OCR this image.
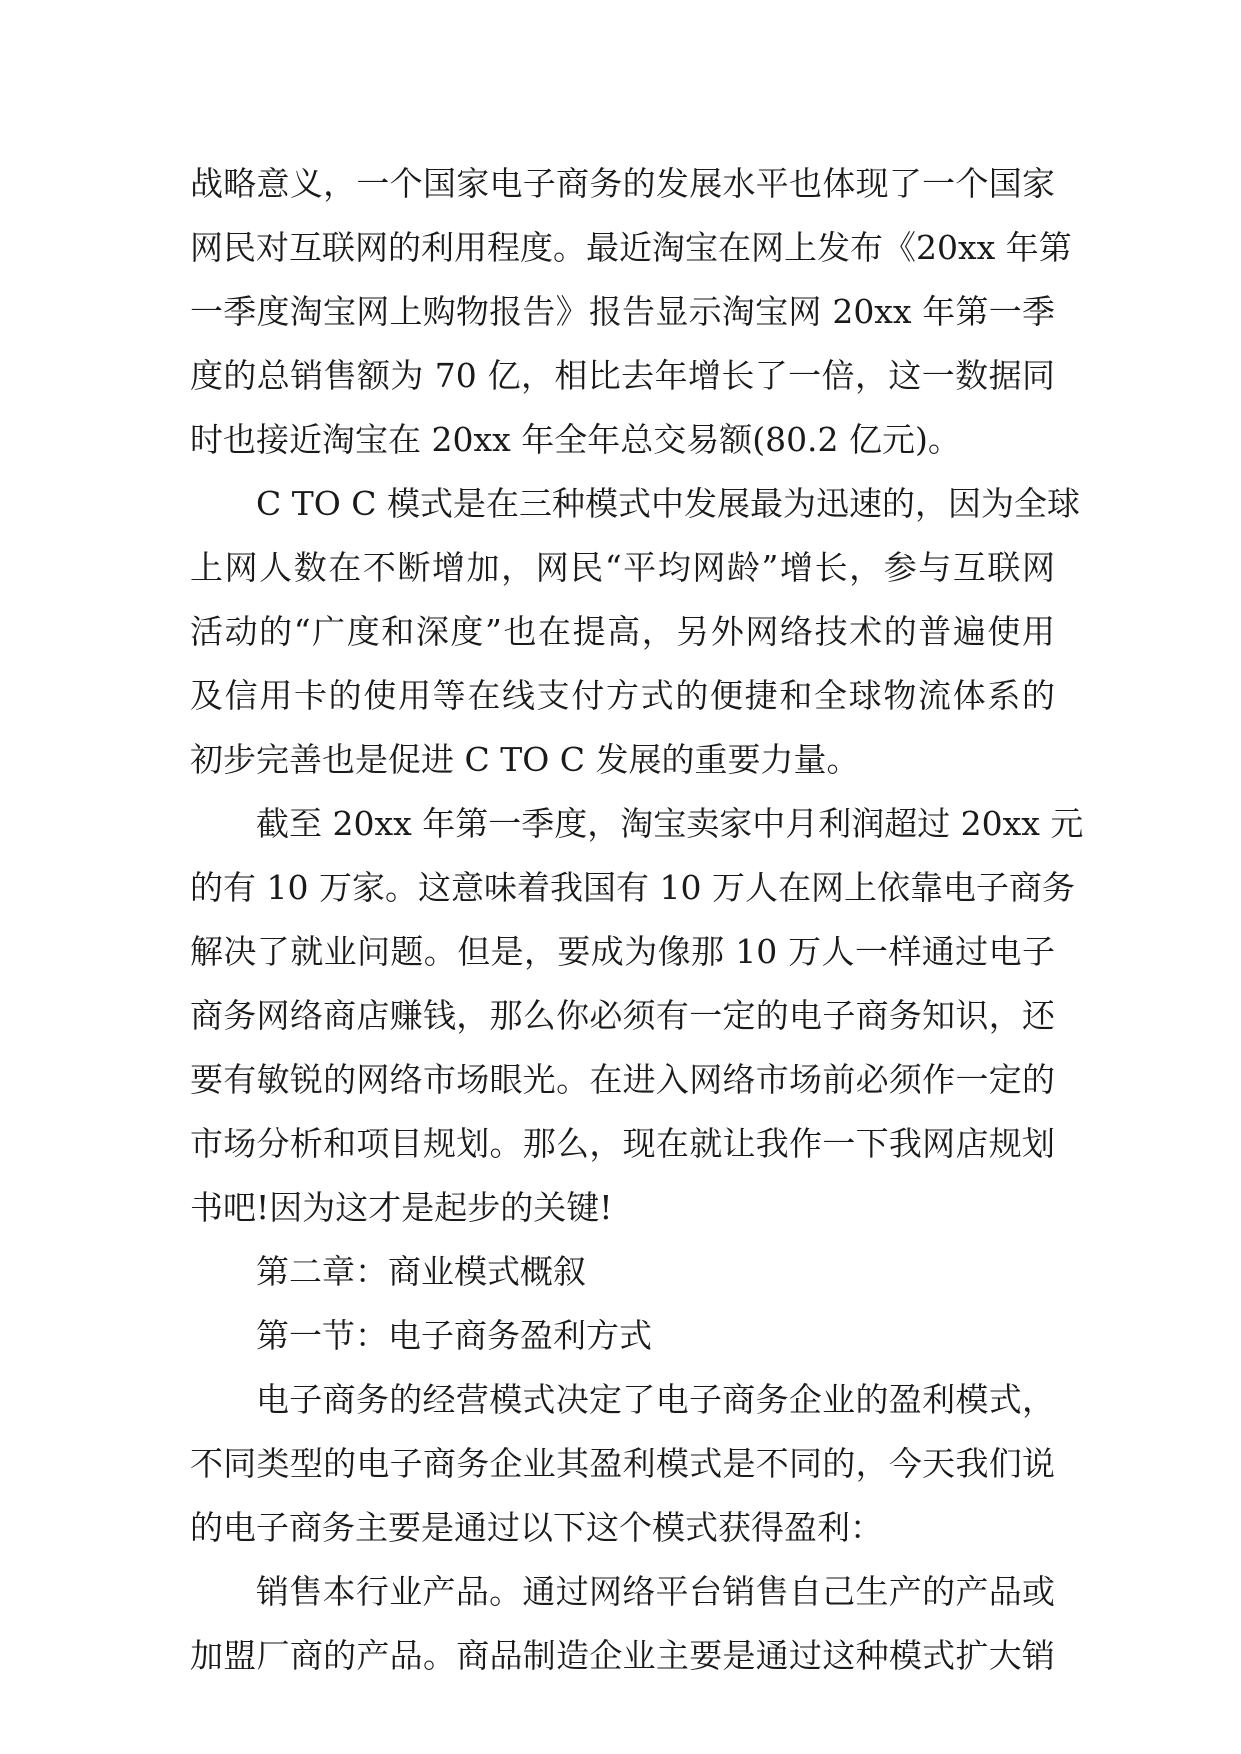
战略意义，一个国家电子商务的发展水平也体现了一个国家
网民对互联网的利用程度。最近淘宝在网上发布《20xx 年第
一季度淘宝网上购物报告》报告显示淘宝网 20xx 年第一季
度的总销售额为 70 亿，相比去年增长了一倍，这一数据同
时也接近淘宝在 20xx 年全年总交易额(80.2 亿元)。
C TO C 模式是在三种模式中发展最为迅速的，因为全球
上网人数在不断增加，网民“平均网龄”增长，参与互联网
活动的“广度和深度”也在提高，另外网络技术的普遍使用
及信用卡的使用等在线支付方式的便捷和全球物流体系的
初步完善也是促进 C TO C 发展的重要力量。
截至 20xx 年第一季度，淘宝卖家中月利润超过 20xx 元
的有 10 万家。这意味着我国有 10 万人在网上依靠电子商务
解决了就业问题。但是，要成为像那 10 万人一样通过电子
商务网络商店赚钱，那么你必须有一定的电子商务知识，还
要有敏锐的网络市场眼光。在进入网络市场前必须作一定的
市场分析和项目规划。那么，现在就让我作一下我网店规划
书吧!因为这才是起步的关键!
第二章：商业模式概叙
第一节：电子商务盈利方式
电子商务的经营模式决定了电子商务企业的盈利模式，
不同类型的电子商务企业其盈利模式是不同的，今天我们说
的电子商务主要是通过以下这个模式获得盈利：
销售本行业产品。通过网络平台销售自己生产的产品或
加盟厂商的产品。商品制造企业主要是通过这种模式扩大销
